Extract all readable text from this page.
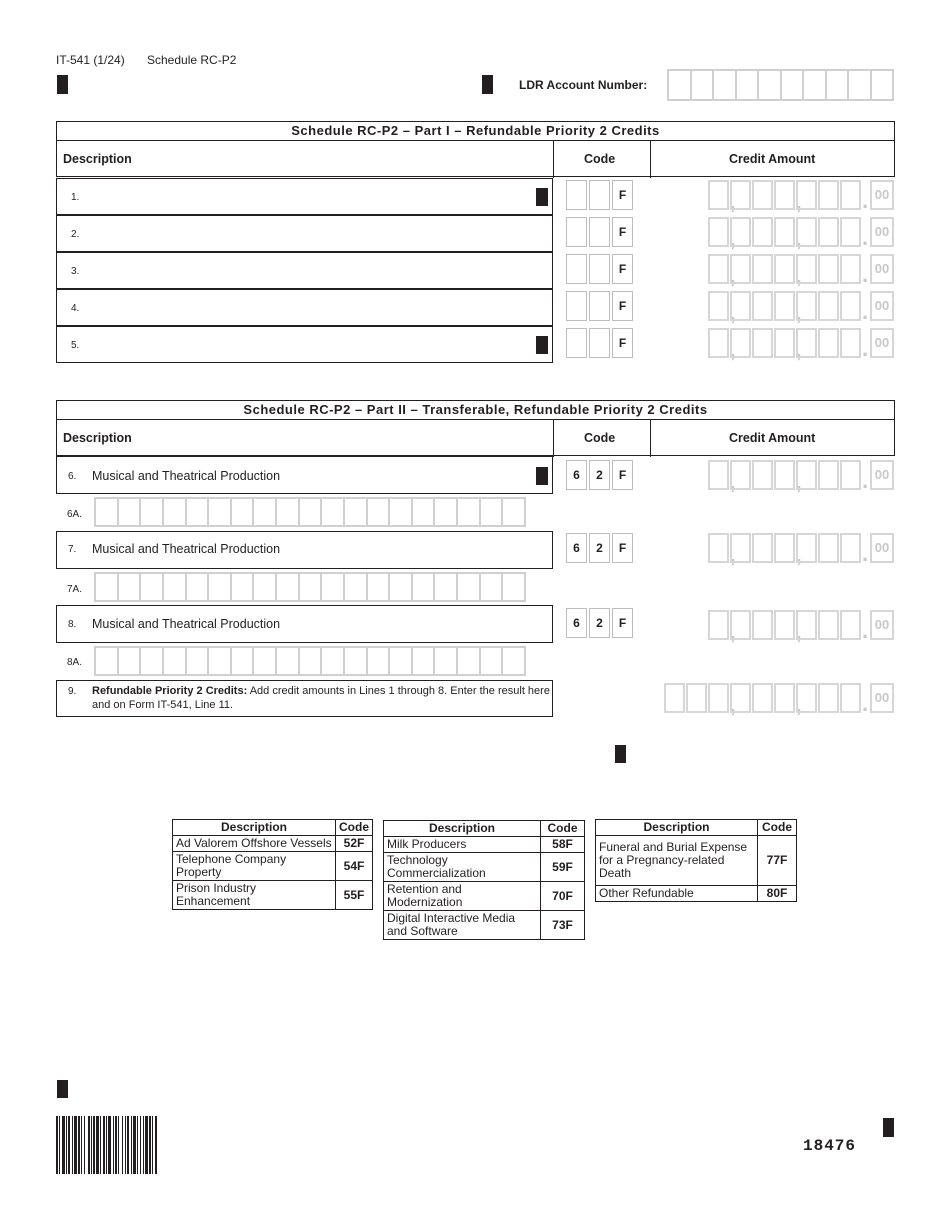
IT-541 (1/24) Schedule RC-P2
LDR Account Number:
Schedule RC-P2 – Part I – Refundable Priority 2 Credits
Description	Code	Credit Amount
1.	F	,	,	. 00
2.	F	,	,	. 00
3.	F	,	,	. 00
4.	F	,	,	. 00
5.	F	,	,	. 00
Schedule RC-P2 – Part II – Transferable, Refundable Priority 2 Credits
Description	Code	Credit Amount
6. Musical and Theatrical Production	6	2	F	,	,	. 00
6A.
7. Musical and Theatrical Production	6	2	F	,	,	. 00
7A.
8. Musical and Theatrical Production	6	2	F	,	,	. 00
8A.
9. Refundable Priority 2 Credits: Add credit amounts in Lines 1 through 8. Enter the result here
and on Form IT-541, Line 11.	,	,	. 00
Description	Code
Ad Valorem Offshore Vessels	52F
Telephone Company Property	54F
Prison Industry Enhancement	55F
Description	Code
Milk Producers	58F
Technology Commercialization	59F
Retention and Modernization	70F
Digital Interactive Media and Software	73F
Description	Code
Funeral and Burial Expense for a Pregnancy-related Death	77F
Other Refundable	80F
18476
